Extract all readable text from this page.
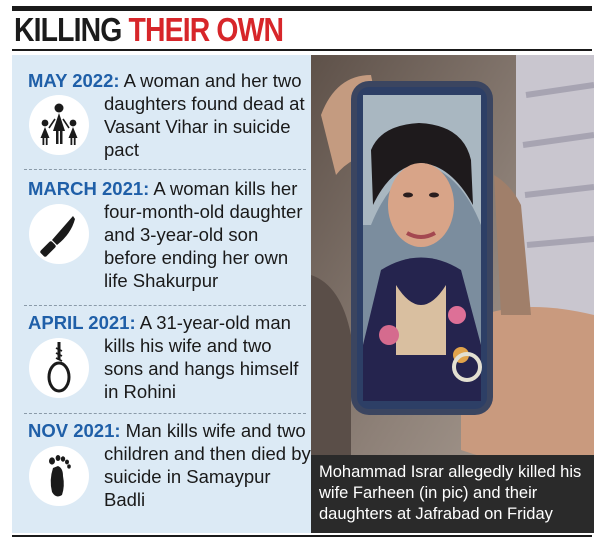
KILLING THEIR OWN
MAY 2022: A woman and her two daughters found dead at Vasant Vihar in suicide pact
MARCH 2021: A woman kills her four-month-old daughter and 3-year-old son before ending her own life Shakurpur
APRIL 2021: A 31-year-old man kills his wife and two sons and hangs himself in Rohini
NOV 2021: Man kills wife and two children and then died by suicide in Samaypur Badli
Mohammad Israr allegedly killed his wife Farheen (in pic) and their daughters at Jafrabad on Friday
